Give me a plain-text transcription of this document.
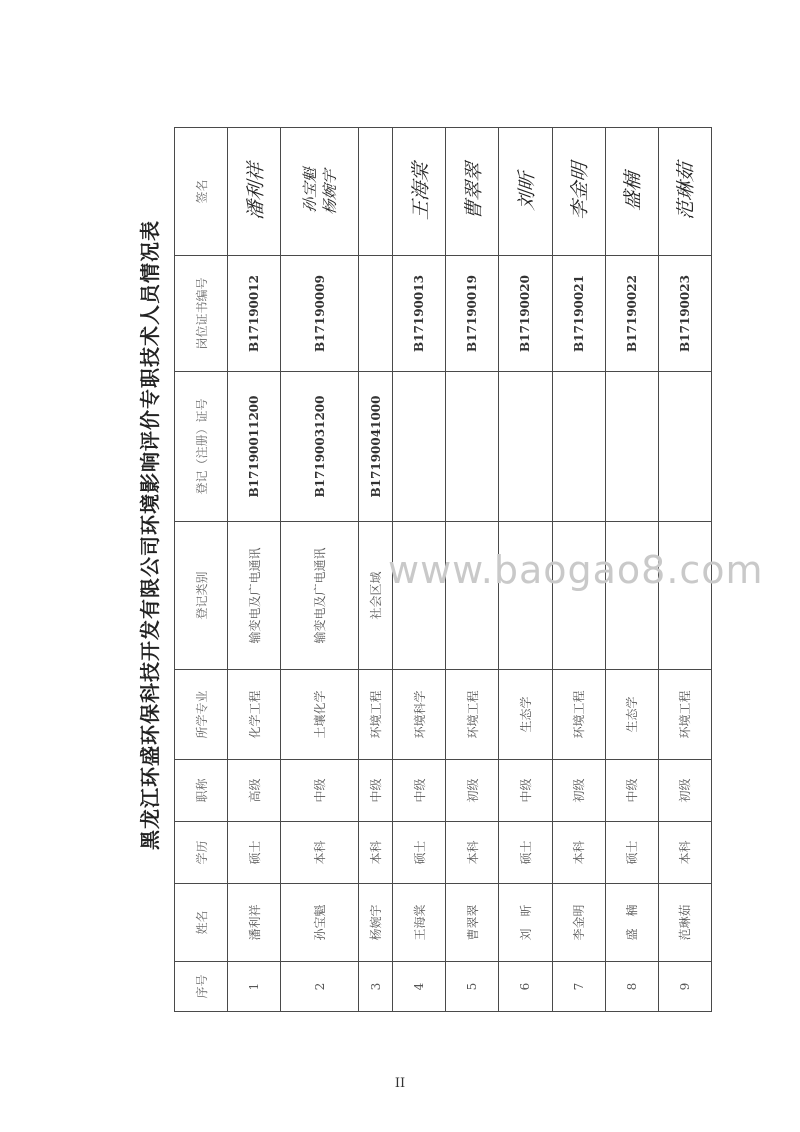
黑龙江环盛环保科技开发有限公司环境影响评价专职技术人员情况表
序号	姓名	学历	职称	所学专业	登记类别	登记（注册）证号	岗位证书编号	签名
1	潘利祥	硕士	高级	化学工程	输变电及广电通讯	B17190011200	B17190012	潘利祥
2	孙宝魁	本科	中级	土壤化学	输变电及广电通讯	B17190031200	B17190009	孙宝魁 杨婉宇

3	杨婉宇	本科	中级	环境工程	社会区域	B17190041000		
4	王海棠	硕士	中级	环境科学			B17190013	王海棠
5	曹翠翠	本科	初级	环境工程			B17190019	曹翠翠
6	刘　昕	硕士	中级	生态学			B17190020	刘昕
7	李金明	本科	初级	环境工程			B17190021	李金明
8	盛　楠	硕士	中级	生态学			B17190022	盛楠
9	范琳茹	本科	初级	环境工程			B17190023	范琳茹
www.baogao8.com
II
